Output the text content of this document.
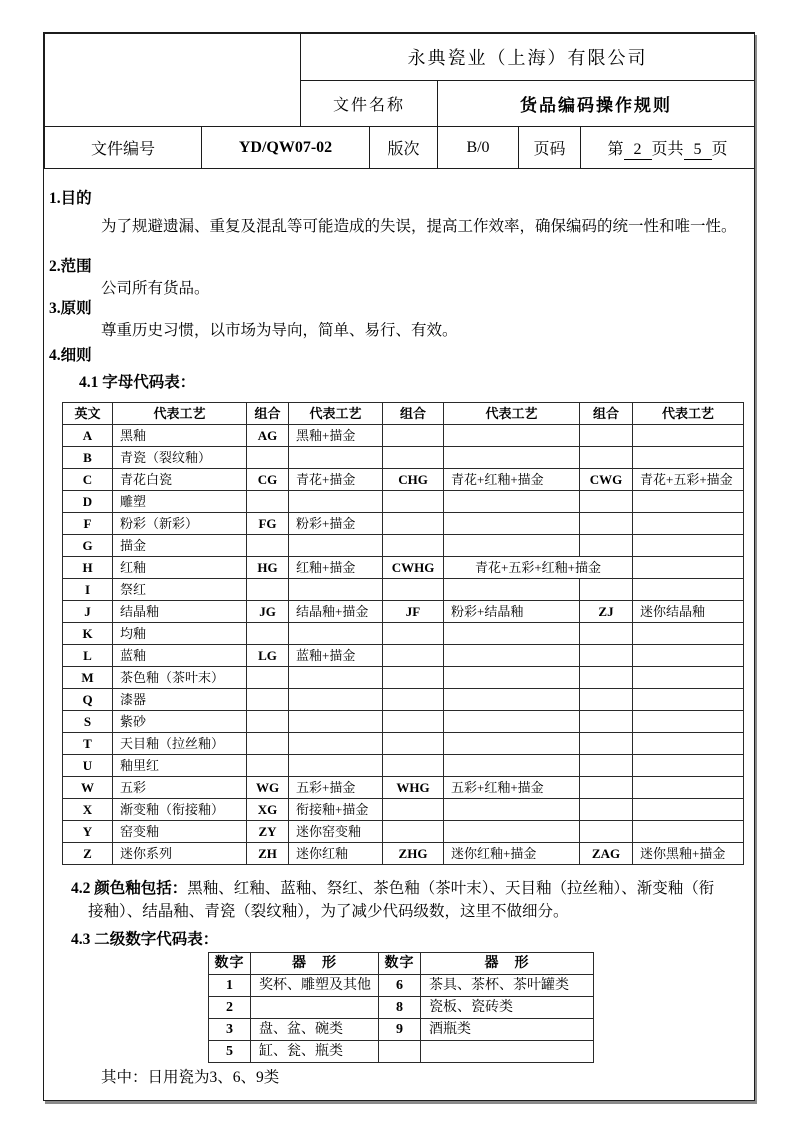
		永典瓷业（上海）有限公司				
		文件名称		货品编码操作规则		
文件编号	YD/QW07-02		版次	B/0	页码	第 2 页共 5 页
1.目的
为了规避遗漏、重复及混乱等可能造成的失误，提高工作效率，确保编码的统一性和唯一性。
2.范围
公司所有货品。
3.原则
尊重历史习惯，以市场为导向，简单、易行、有效。
4.细则
4.1 字母代码表：
英文	代表工艺	组合	代表工艺	组合	代表工艺	组合	代表工艺
A	黑釉	AG	黑釉+描金				
B	青瓷（裂纹釉）						
C	青花白瓷	CG	青花+描金	CHG	青花+红釉+描金	CWG	青花+五彩+描金
D	雕塑						
F	粉彩（新彩）	FG	粉彩+描金				
G	描金						
H	红釉	HG	红釉+描金	CWHG	青花+五彩+红釉+描金		
I	祭红						
J	结晶釉	JG	结晶釉+描金	JF	粉彩+结晶釉	ZJ	迷你结晶釉
K	均釉						
L	蓝釉	LG	蓝釉+描金				
M	茶色釉（茶叶末）						
Q	漆器						
S	紫砂						
T	天目釉（拉丝釉）						
U	釉里红						
W	五彩	WG	五彩+描金	WHG	五彩+红釉+描金		
X	渐变釉（衔接釉）	XG	衔接釉+描金				
Y	窑变釉	ZY	迷你窑变釉				
Z	迷你系列	ZH	迷你红釉	ZHG	迷你红釉+描金	ZAG	迷你黑釉+描金
4.2 颜色釉包括：黑釉、红釉、蓝釉、祭红、茶色釉（茶叶末）、天目釉（拉丝釉）、渐变釉（衔
接釉）、结晶釉、青瓷（裂纹釉），为了减少代码级数，这里不做细分。
4.3 二级数字代码表：
数字	器　形	数字	器　形
1	奖杯、雕塑及其他	6	茶具、茶杯、茶叶罐类
2		8	瓷板、瓷砖类
3	盘、盆、碗类	9	酒瓶类
5	缸、瓮、瓶类		
其中：日用瓷为3、6、9类
